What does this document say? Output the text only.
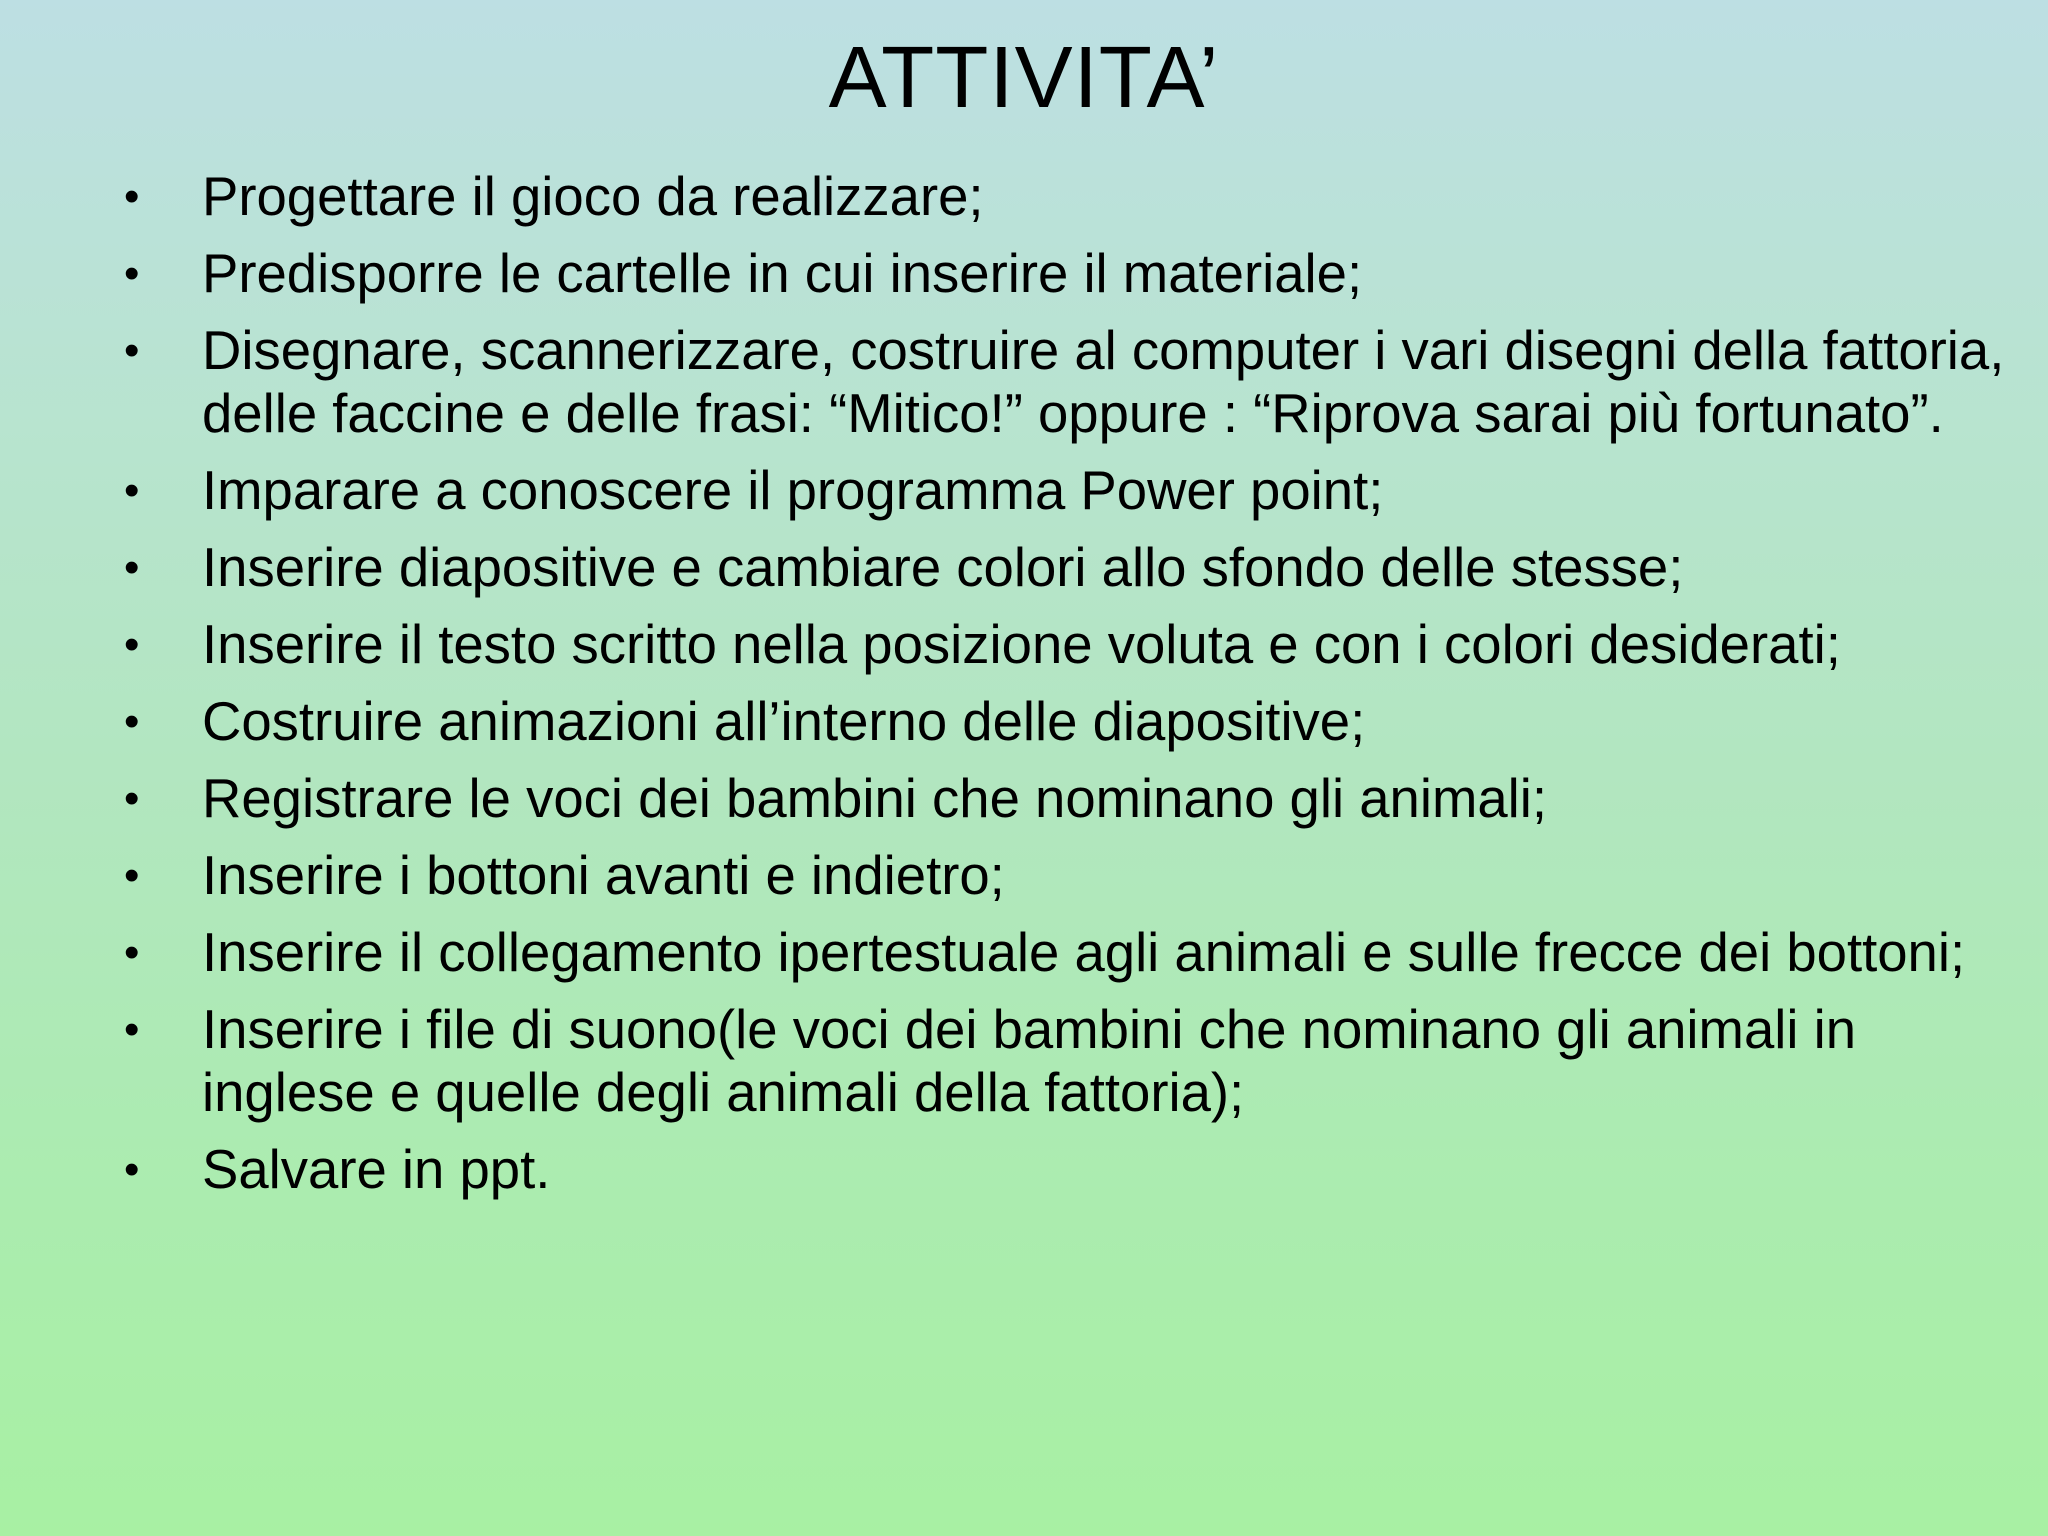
ATTIVITA’
• Progettare il gioco da realizzare;
• Predisporre le cartelle in cui inserire il materiale;
• Disegnare, scannerizzare, costruire al computer i vari disegni della fattoria, delle faccine e delle frasi: “Mitico!” oppure : “Riprova sarai più fortunato”.
• Imparare a conoscere il programma Power point;
• Inserire diapositive e cambiare colori allo sfondo delle stesse;
• Inserire il testo scritto nella posizione voluta e con i colori desiderati;
• Costruire animazioni all’interno delle diapositive;
• Registrare le voci dei bambini che nominano gli animali;
• Inserire i bottoni avanti e indietro;
• Inserire il collegamento ipertestuale agli animali e sulle frecce dei bottoni;
• Inserire i file di suono(le voci dei bambini che nominano gli animali in inglese e quelle degli animali della fattoria);
• Salvare in ppt.
